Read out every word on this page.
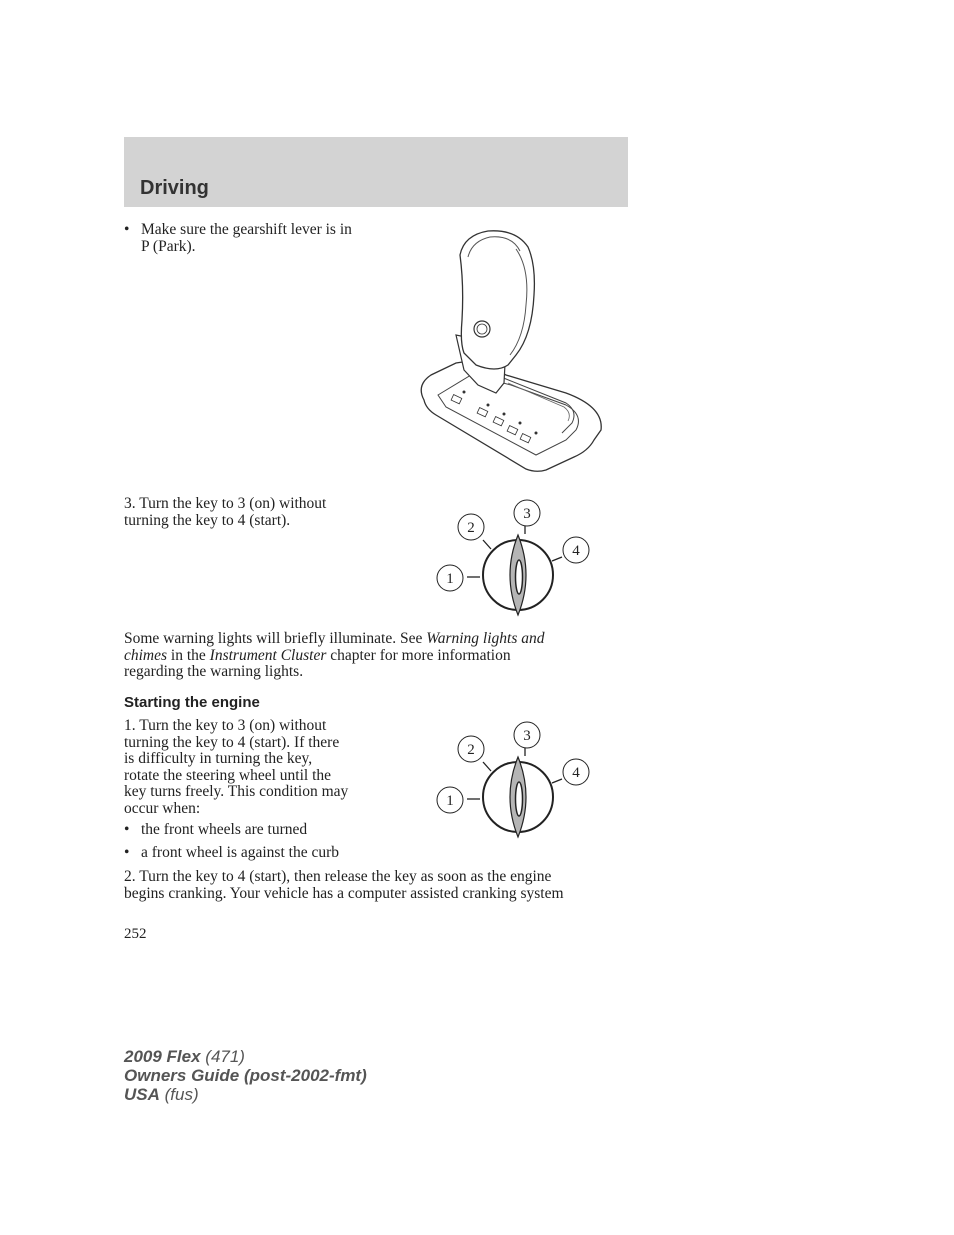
Driving
• Make sure the gearshift lever is in
P (Park).
3. Turn the key to 3 (on) without
turning the key to 4 (start).
1
2
3
4
Some warning lights will briefly illuminate. See Warning lights and
chimes in the Instrument Cluster chapter for more information
regarding the warning lights.
Starting the engine
1. Turn the key to 3 (on) without
turning the key to 4 (start). If there
is difficulty in turning the key,
rotate the steering wheel until the
key turns freely. This condition may
occur when:
• the front wheels are turned
• a front wheel is against the curb
1
2
3
4
2. Turn the key to 4 (start), then release the key as soon as the engine
begins cranking. Your vehicle has a computer assisted cranking system
252
2009 Flex (471)
Owners Guide (post-2002-fmt)
USA (fus)
